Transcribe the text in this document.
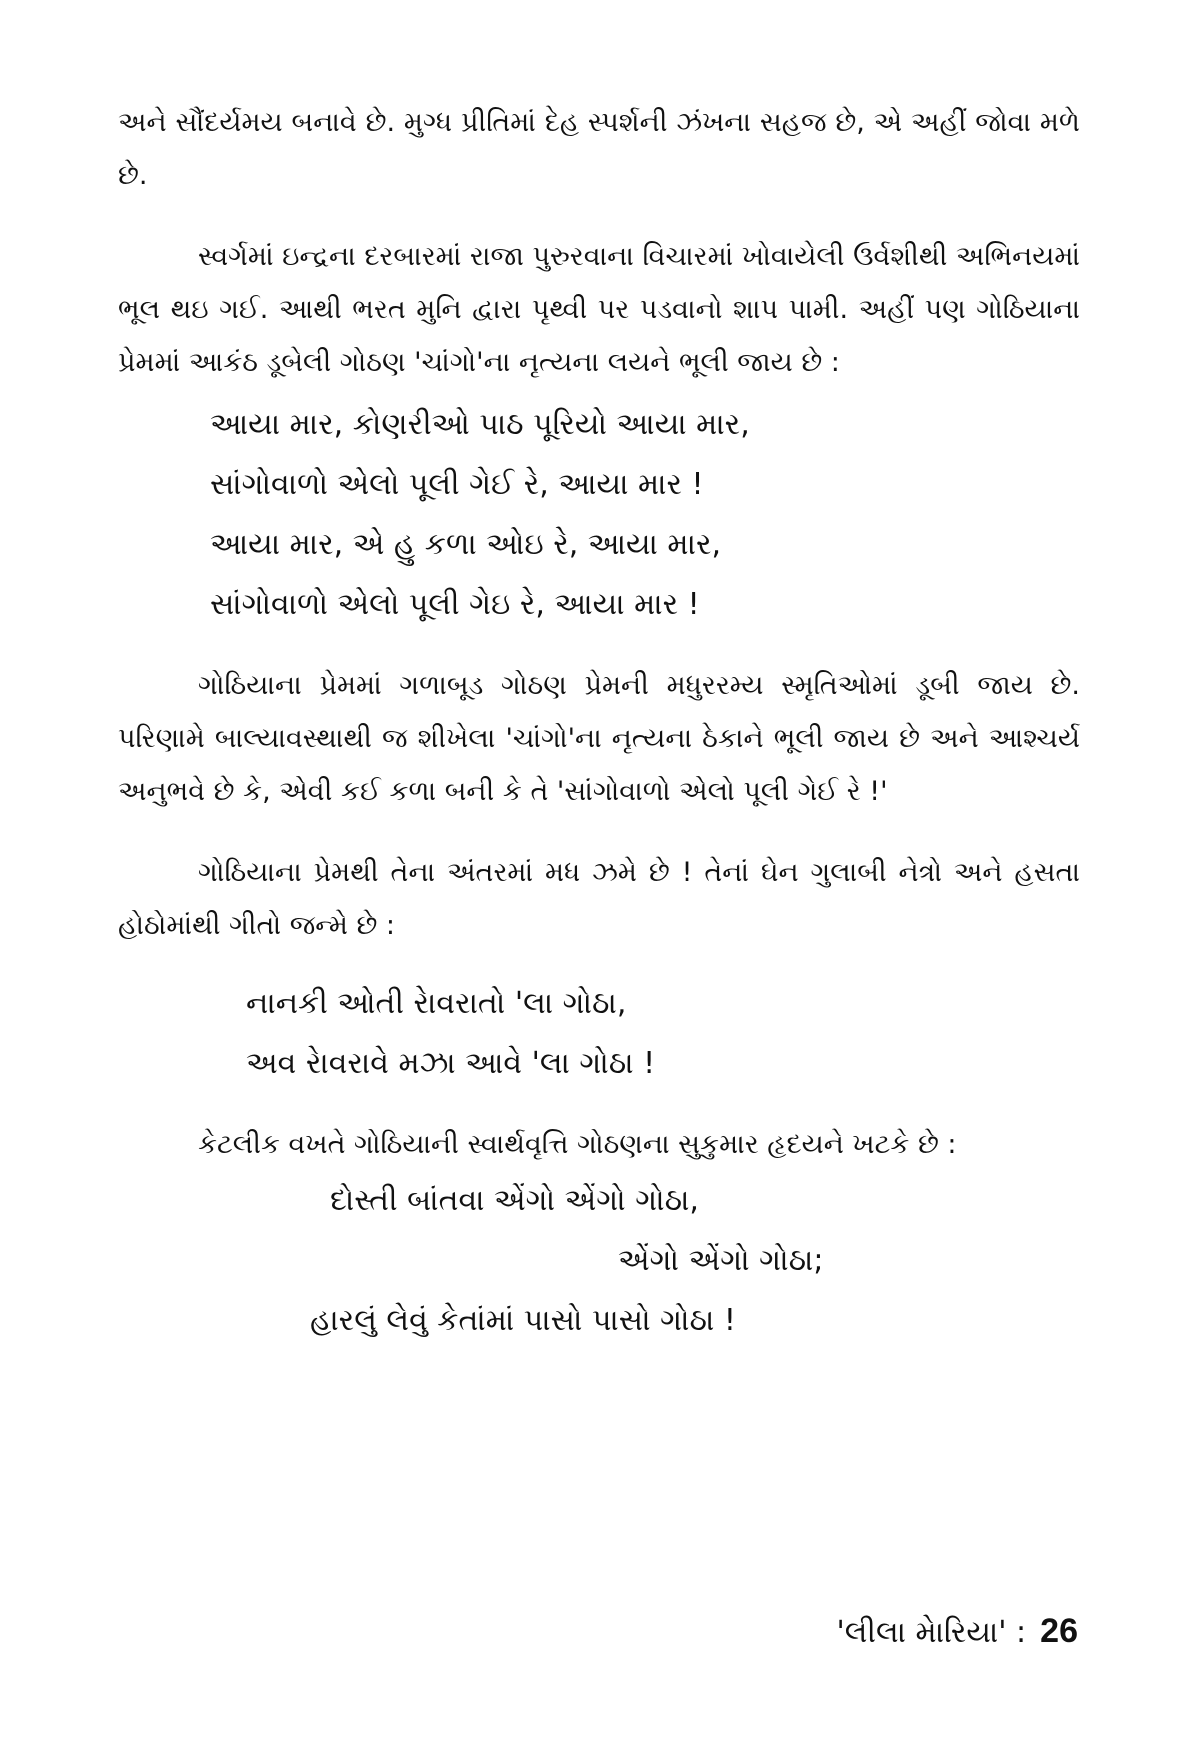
અને સૌંદર્યમય બનાવે છે. મુગ્ધ પ્રીતિમાં દેહ સ્પર્શની ઝંખના સહજ છે, એ અહીં જોવા મળે છે.

સ્વર્ગમાં ઇન્દ્રના દરબારમાં રાજા પુરુરવાના વિચારમાં ખોવાયેલી ઉર્વશીથી અભિનયમાં ભૂલ થઇ ગઈ. આથી ભરત મુનિ દ્વારા પૃથ્વી પર પડવાનો શાપ પામી. અહીં પણ ગોઠિયાના પ્રેમમાં આકંઠ ડૂબેલી ગોઠણ 'ચાંગો'ના નૃત્યના લયને ભૂલી જાય છે :

આયા માર, કોણરીઓ પાઠ પૂરિયો આયા માર,
સાંગોવાળો એલો પૂલી ગેઈ રે, આયા માર !
આયા માર, એ હુ કળા ઓઇ રે, આયા માર,
સાંગોવાળો એલો પૂલી ગેઇ રે, આયા માર !

ગોઠિયાના પ્રેમમાં ગળાબૂડ ગોઠણ પ્રેમની મધુરરમ્ય સ્મૃતિઓમાં ડૂબી જાય છે. પરિણામે બાલ્યાવસ્થાથી જ શીખેલા 'ચાંગો'ના નૃત્યના ઠેકાને ભૂલી જાય છે અને આશ્ચર્ય અનુભવે છે કે, એવી કઈ કળા બની કે તે 'સાંગોવાળો એલો પૂલી ગેઈ રે !'

ગોઠિયાના પ્રેમથી તેના અંતરમાં મધ ઝમે છે ! તેનાં ઘેન ગુલાબી નેત્રો અને હસતા હોઠોમાંથી ગીતો જન્મે છે :

નાનકી ઓતી રેાવરાતો 'લા ગોઠા,
અવ રેાવરાવે મઝા આવે 'લા ગોઠા !

કેટલીક વખતે ગોઠિયાની સ્વાર્થવૃત્તિ ગોઠણના સુકુમાર હૃદયને ખટકે છે :

દોસ્તી બાંતવા એંગો એંગો ગોઠા,
એંગો એંગો ગોઠા;
હારલું લેવું કેતાંમાં પાસો પાસો ગોઠા !
'લીલા મેારિયા' : 26
